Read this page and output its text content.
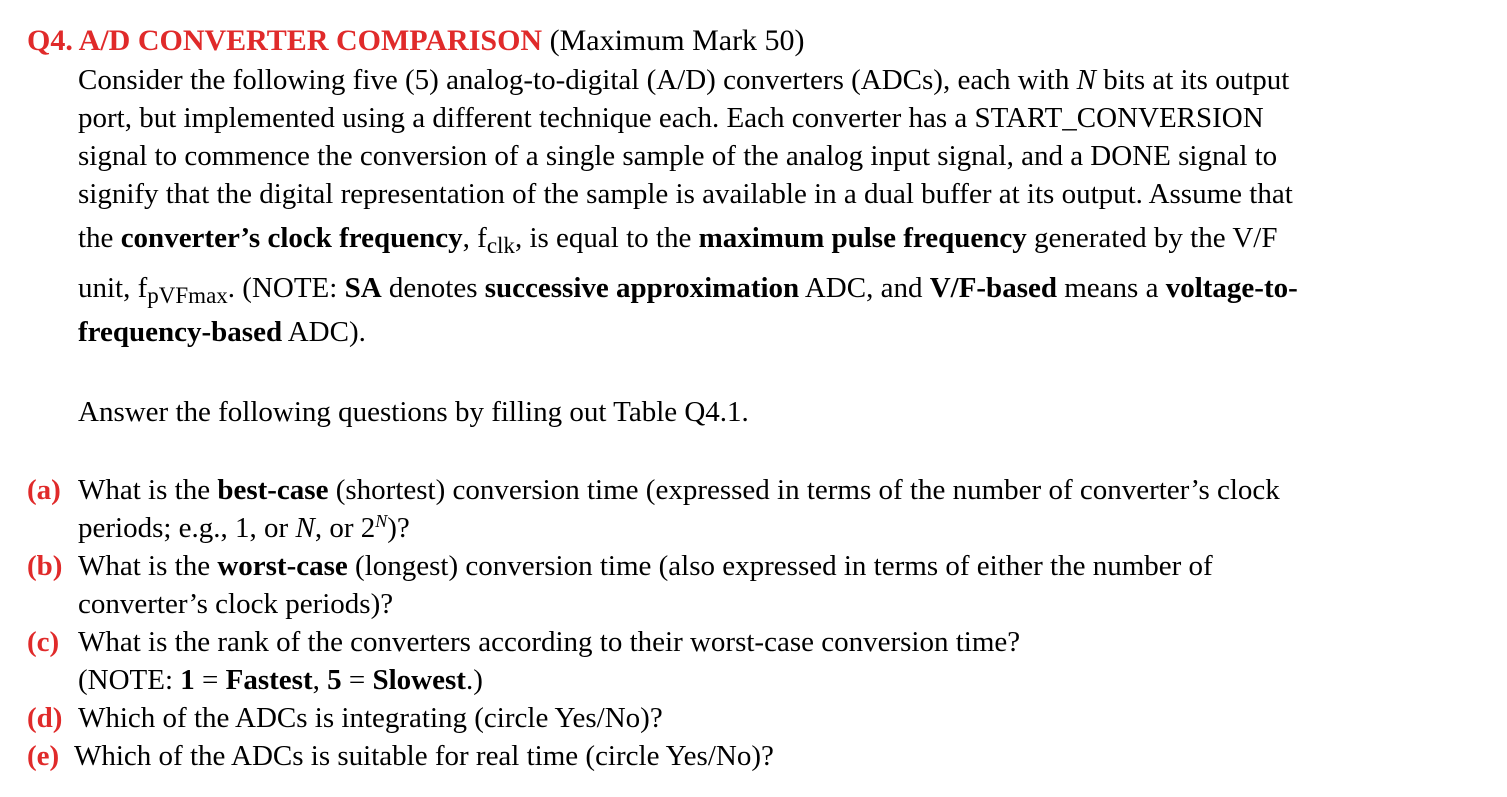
Q4. A/D CONVERTER COMPARISON (Maximum Mark 50)
Consider the following five (5) analog-to-digital (A/D) converters (ADCs), each with N bits at its output
port, but implemented using a different technique each. Each converter has a START_CONVERSION
signal to commence the conversion of a single sample of the analog input signal, and a DONE signal to
signify that the digital representation of the sample is available in a dual buffer at its output. Assume that
the converter’s clock frequency, $f_{clk}$, is equal to the maximum pulse frequency generated by the V/F
unit, $f_{pVFmax}$. (NOTE: SA denotes successive approximation ADC, and V/F-based means a voltage-to-
frequency-based ADC).
Answer the following questions by filling out Table Q4.1.
(a) What is the best-case (shortest) conversion time (expressed in terms of the number of converter’s clock
periods; e.g., 1, or N, or $2^N$)?
(b) What is the worst-case (longest) conversion time (also expressed in terms of either the number of
converter’s clock periods)?
(c) What is the rank of the converters according to their worst-case conversion time?
(NOTE: 1 = Fastest, 5 = Slowest.)
(d) Which of the ADCs is integrating (circle Yes/No)?
(e) Which of the ADCs is suitable for real time (circle Yes/No)?
